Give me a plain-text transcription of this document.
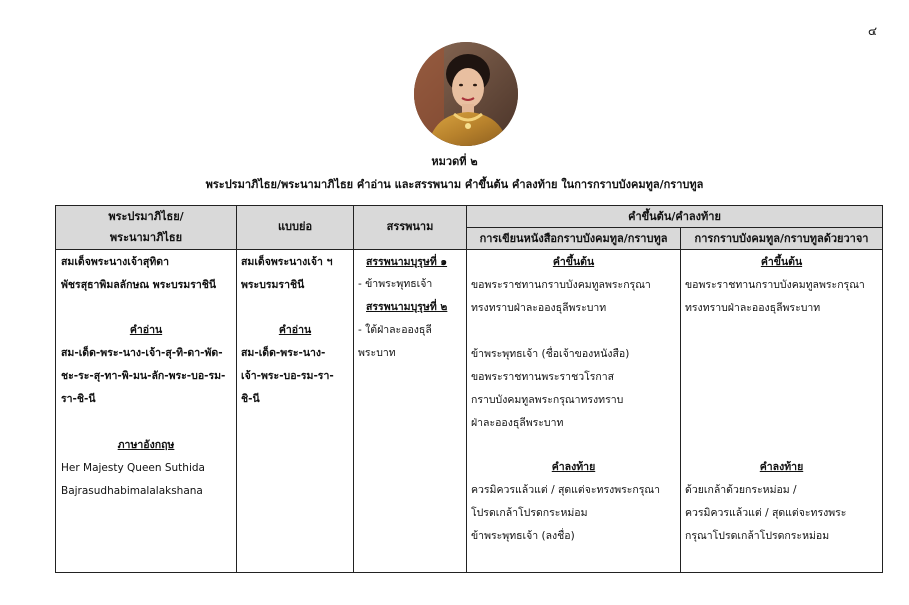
๔
หมวดที่ ๒
พระปรมาภิไธย/พระนามาภิไธย คำอ่าน และสรรพนาม คำขึ้นต้น คำลงท้าย ในการกราบบังคมทูล/กราบทูล
พระปรมาภิไธย/
พระนามาภิไธย
แบบย่อ	สรรพนาม
คำขึ้นต้น/คำลงท้าย
การเขียนหนังสือกราบบังคมทูล/กราบทูล	การกราบบังคมทูล/กราบทูลด้วยวาจา
สมเด็จพระนางเจ้าสุทิดา
พัชรสุธาพิมลลักษณ พระบรมราชินี
คำอ่าน
สม-เด็ด-พระ-นาง-เจ้า-สุ-ทิ-ดา-พัด-
ชะ-ระ-สุ-ทา-พิ-มน-ลัก-พระ-บอ-รม-
รา-ชิ-นี
ภาษาอังกฤษ
Her Majesty Queen Suthida
Bajrasudhabimalalakshana
สมเด็จพระนางเจ้า ฯ
พระบรมราชินี
คำอ่าน
สม-เด็ด-พระ-นาง-
เจ้า-พระ-บอ-รม-รา-
ชิ-นี
สรรพนามบุรุษที่ ๑
- ข้าพระพุทธเจ้า
สรรพนามบุรุษที่ ๒
- ใต้ฝ่าละอองธุลี
พระบาท
คำขึ้นต้น
ขอพระราชทานกราบบังคมทูลพระกรุณา
ทรงทราบฝ่าละอองธุลีพระบาท
ข้าพระพุทธเจ้า (ชื่อเจ้าของหนังสือ)
ขอพระราชทานพระราชวโรกาส
กราบบังคมทูลพระกรุณาทรงทราบ
ฝ่าละอองธุลีพระบาท
คำลงท้าย
ควรมิควรแล้วแต่ / สุดแต่จะทรงพระกรุณา
โปรดเกล้าโปรดกระหม่อม
ข้าพระพุทธเจ้า (ลงชื่อ)
คำขึ้นต้น
ขอพระราชทานกราบบังคมทูลพระกรุณา
ทรงทราบฝ่าละอองธุลีพระบาท
คำลงท้าย
ด้วยเกล้าด้วยกระหม่อม /
ควรมิควรแล้วแต่ / สุดแต่จะทรงพระ
กรุณาโปรดเกล้าโปรดกระหม่อม
